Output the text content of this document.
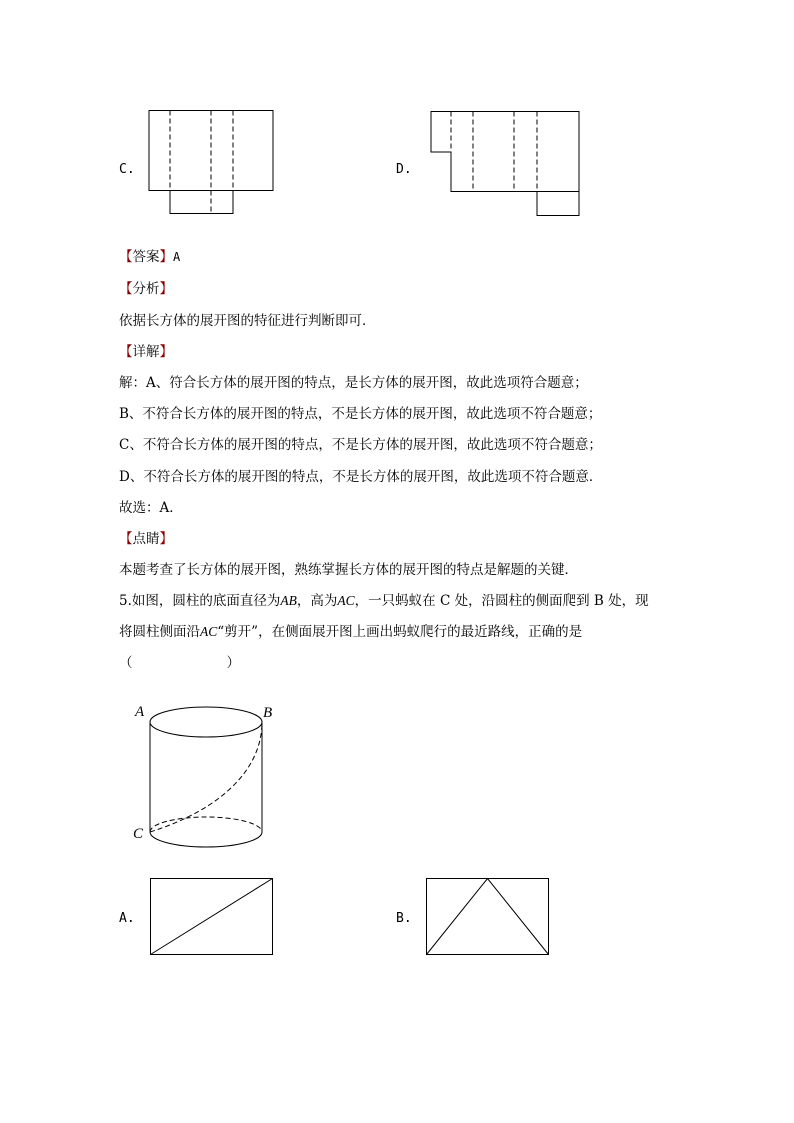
C.	D.
【答案】A
【分析】
依据长方体的展开图的特征进行判断即可．
【详解】
解：A、符合长方体的展开图的特点，是长方体的展开图，故此选项符合题意；
B、不符合长方体的展开图的特点，不是长方体的展开图，故此选项不符合题意；
C、不符合长方体的展开图的特点，不是长方体的展开图，故此选项不符合题意；
D、不符合长方体的展开图的特点，不是长方体的展开图，故此选项不符合题意．
故选：A．
【点睛】
本题考查了长方体的展开图，熟练掌握长方体的展开图的特点是解题的关键．
5.如图，圆柱的底面直径为AB，高为AC，一只蚂蚁在 C 处，沿圆柱的侧面爬到 B 处，现
将圆柱侧面沿AC“剪开”，在侧面展开图上画出蚂蚁爬行的最近路线，正确的是
（	）
A	B
C
A.	B.
